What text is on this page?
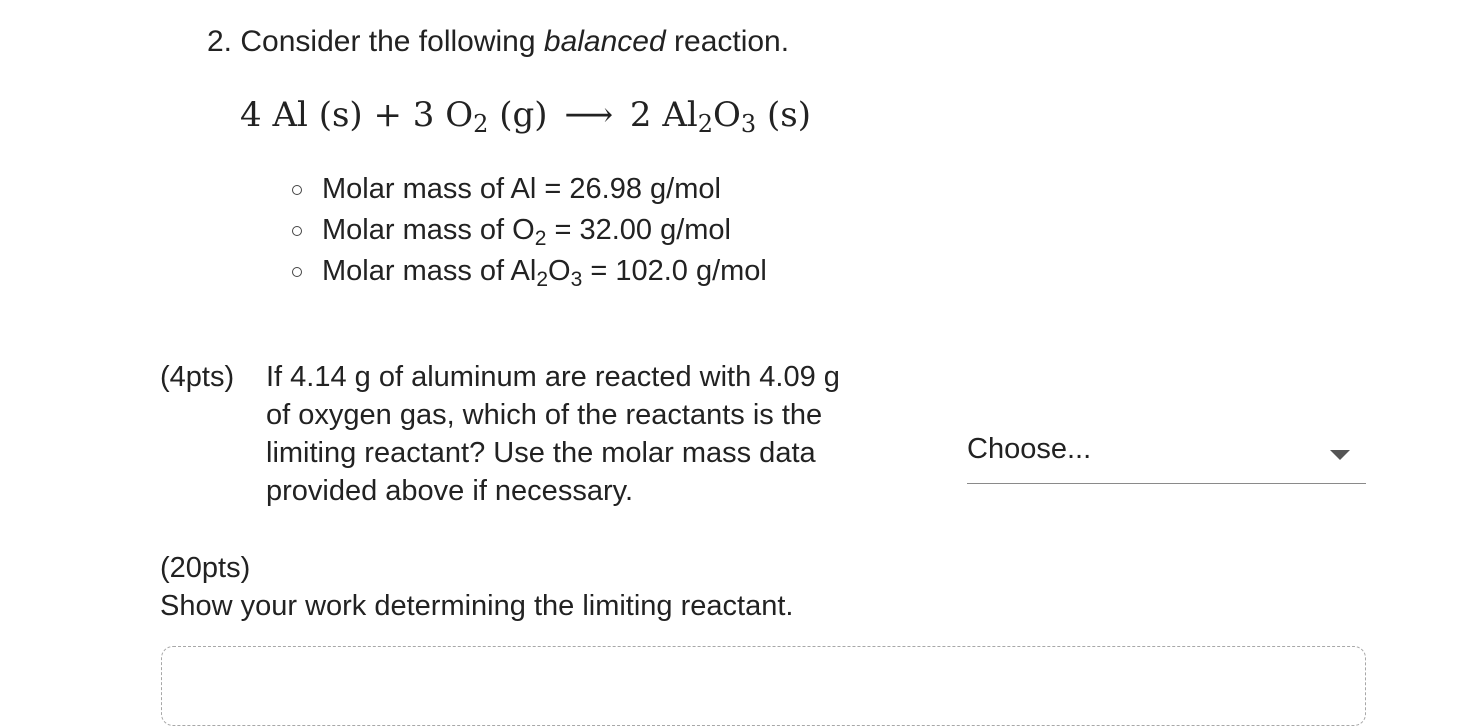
2. Consider the following balanced reaction.
4 Al (s) + 3 $O_2$ (g) ⟶ 2 $Al_2O_3$ (s)
Molar mass of Al = 26.98 g/mol
Molar mass of $O_2 = 32.00$ g/mol
Molar mass of $Al_2O_3 = 102.0$ g/mol
(4pts) If 4.14 g of aluminum are reacted with 4.09 g
of oxygen gas, which of the reactants is the
limiting reactant? Use the molar mass data
provided above if necessary.
Choose...
(20pts)
Show your work determining the limiting reactant.
